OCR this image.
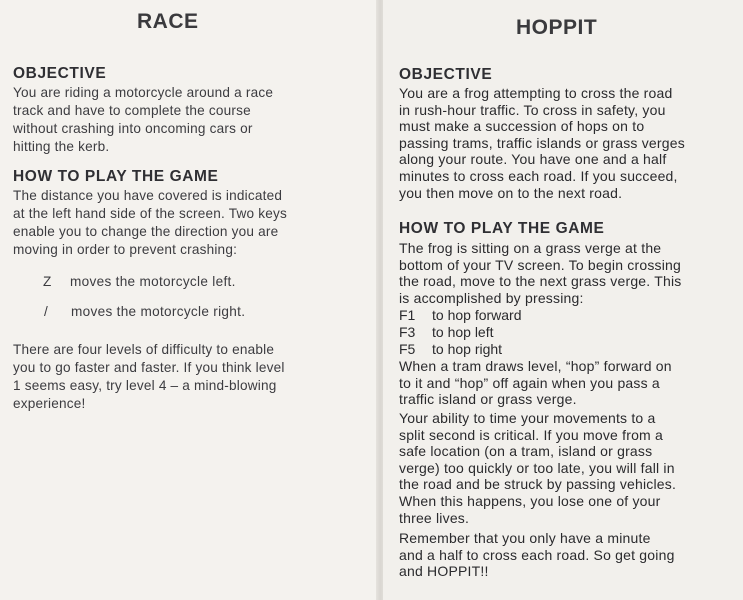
RACE
OBJECTIVE
You are riding a motorcycle around a race
track and have to complete the course
without crashing into oncoming cars or
hitting the kerb.
HOW TO PLAY THE GAME
The distance you have covered is indicated
at the left hand side of the screen. Two keys
enable you to change the direction you are
moving in order to prevent crashing:
Z moves the motorcycle left.
/ moves the motorcycle right.
There are four levels of difficulty to enable
you to go faster and faster. If you think level
1 seems easy, try level 4 – a mind-blowing
experience!
HOPPIT
OBJECTIVE
You are a frog attempting to cross the road
in rush-hour traffic. To cross in safety, you
must make a succession of hops on to
passing trams, traffic islands or grass verges
along your route. You have one and a half
minutes to cross each road. If you succeed,
you then move on to the next road.
HOW TO PLAY THE GAME
The frog is sitting on a grass verge at the
bottom of your TV screen. To begin crossing
the road, move to the next grass verge. This
is accomplished by pressing:
F1 to hop forward
F3 to hop left
F5 to hop right
When a tram draws level, “hop” forward on
to it and “hop” off again when you pass a
traffic island or grass verge.
Your ability to time your movements to a
split second is critical. If you move from a
safe location (on a tram, island or grass
verge) too quickly or too late, you will fall in
the road and be struck by passing vehicles.
When this happens, you lose one of your
three lives.
Remember that you only have a minute
and a half to cross each road. So get going
and HOPPIT!!
